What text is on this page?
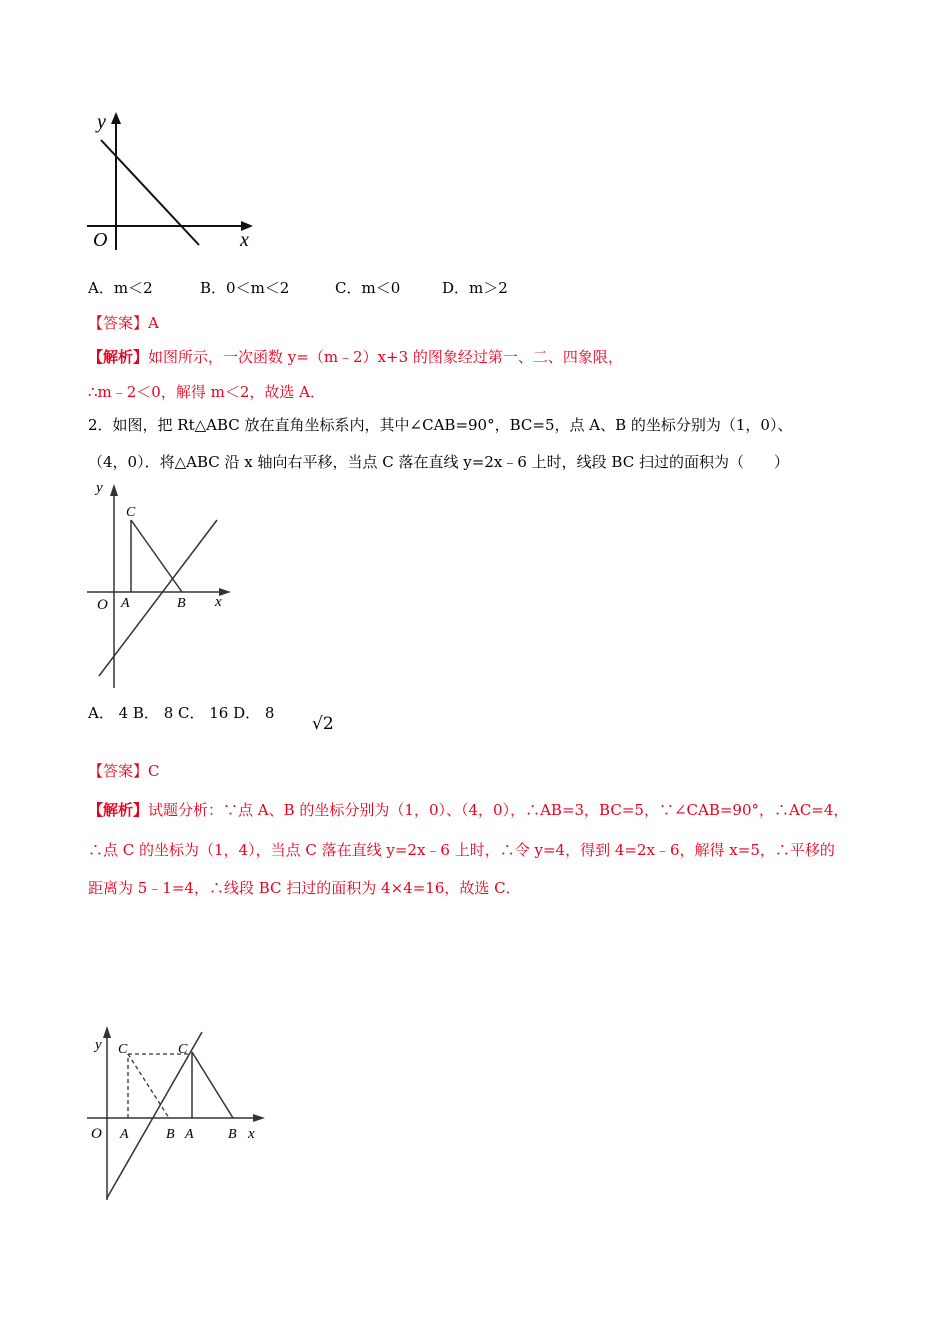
y
x
O
A．m＜2	B．0＜m＜2	C．m＜0	D．m＞2
【答案】A
【解析】如图所示，一次函数 y=（m﹣2）x+3 的图象经过第一、二、四象限，
∴m﹣2＜0，解得 m＜2，故选 A．
2．如图，把 Rt△ABC 放在直角坐标系内，其中∠CAB=90°，BC=5，点 A、B 的坐标分别为（1，0）、
（4，0）．将△ABC 沿 x 轴向右平移，当点 C 落在直线 y=2x﹣6 上时，线段 BC 扫过的面积为（　　）
y
x
O A	B
C
A． 4 B． 8 C． 16 D． 8
√2
【答案】C
【解析】试题分析：∵点 A、B 的坐标分别为（1，0）、（4，0），∴AB=3，BC=5，∵∠CAB=90°，∴AC=4，
∴点 C 的坐标为（1，4），当点 C 落在直线 y=2x﹣6 上时，∴令 y=4，得到 4=2x﹣6，解得 x=5，∴平移的
距离为 5﹣1=4，∴线段 BC 扫过的面积为 4×4=16，故选 C．
y
x
O A	B
C
A B
C
